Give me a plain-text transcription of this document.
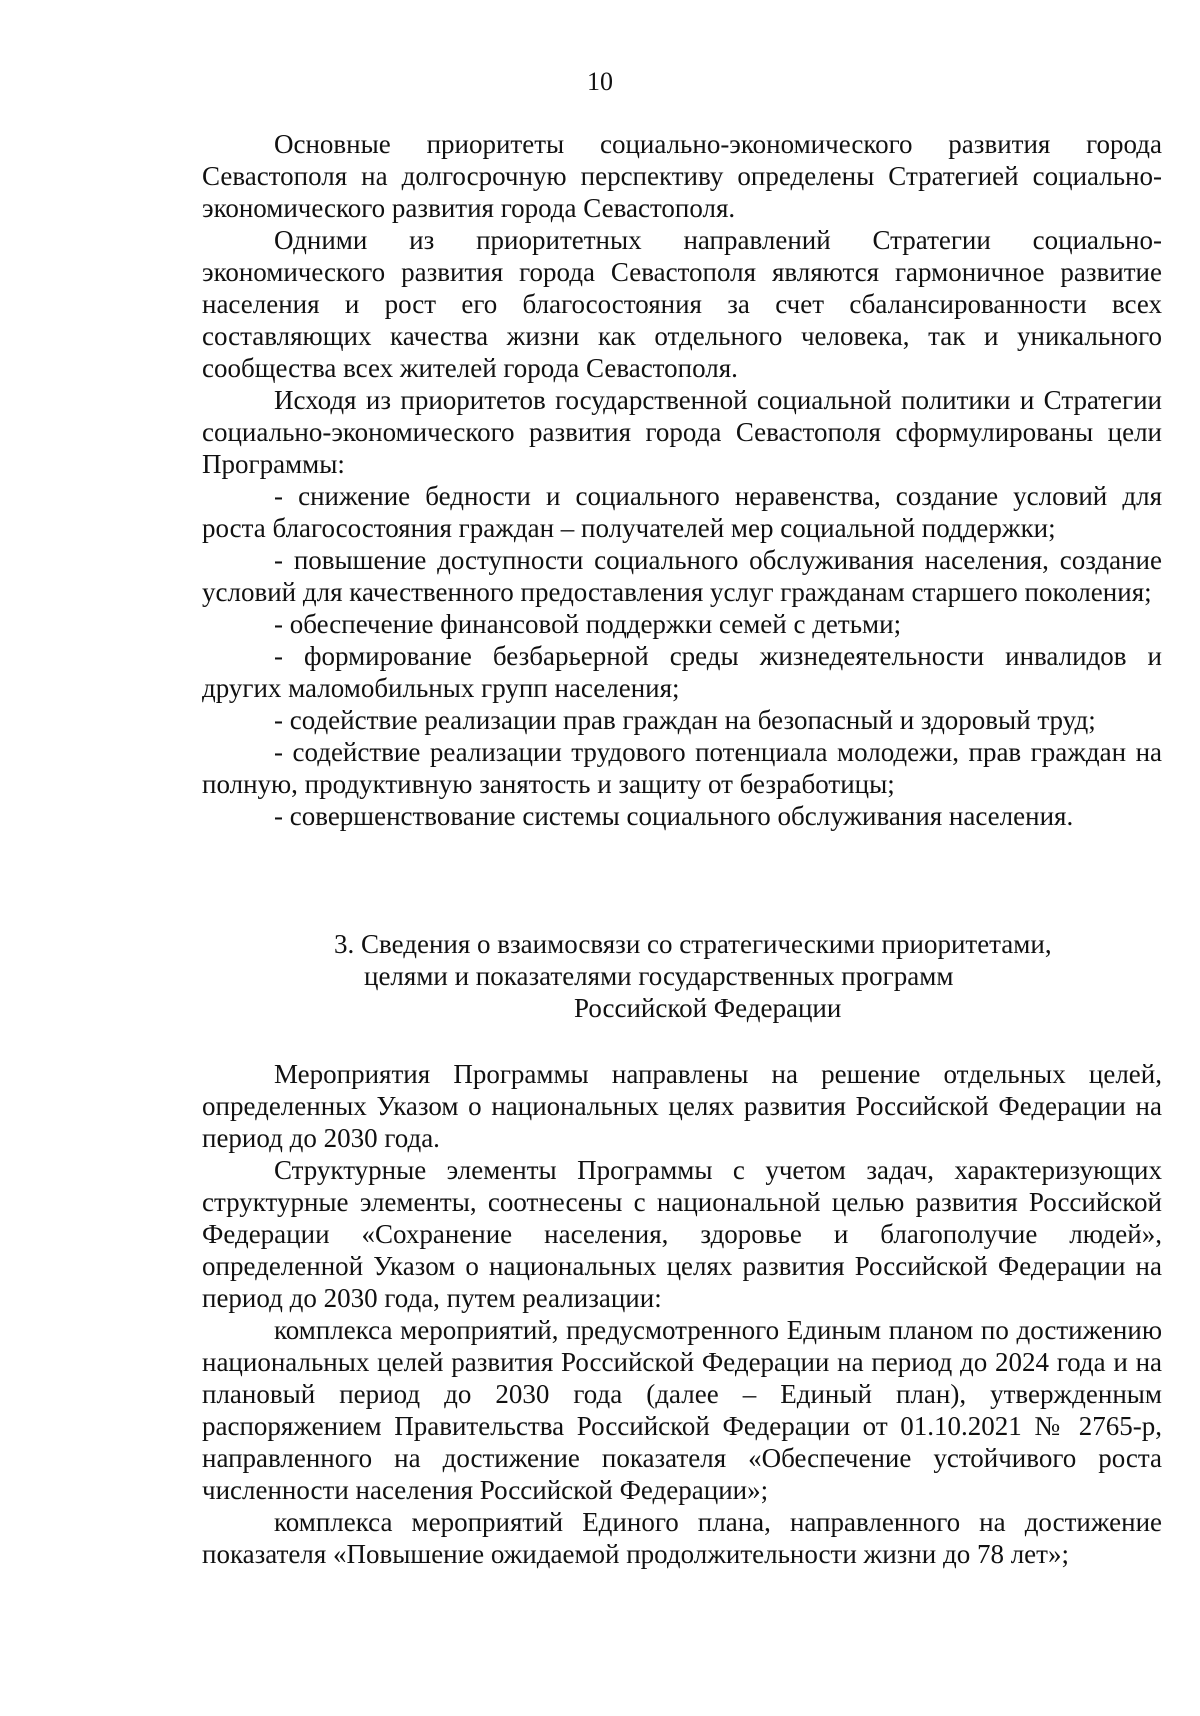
10

Основные приоритеты социально-экономического развития города Севастополя на долгосрочную перспективу определены Стратегией социально-экономического развития города Севастополя.

Одними из приоритетных направлений Стратегии социально-экономического развития города Севастополя являются гармоничное развитие населения и рост его благосостояния за счет сбалансированности всех составляющих качества жизни как отдельного человека, так и уникального сообщества всех жителей города Севастополя.

Исходя из приоритетов государственной социальной политики и Стратегии социально-экономического развития города Севастополя сформулированы цели Программы:

- снижение бедности и социального неравенства, создание условий для роста благосостояния граждан – получателей мер социальной поддержки;

- повышение доступности социального обслуживания населения, создание условий для качественного предоставления услуг гражданам старшего поколения;

- обеспечение финансовой поддержки семей с детьми;

- формирование безбарьерной среды жизнедеятельности инвалидов и других маломобильных групп населения;

- содействие реализации прав граждан на безопасный и здоровый труд;

- содействие реализации трудового потенциала молодежи, прав граждан на полную, продуктивную занятость и защиту от безработицы;

- совершенствование системы социального обслуживания населения.

3. Сведения о взаимосвязи со стратегическими приоритетами,
целями и показателями государственных программ
Российской Федерации

Мероприятия Программы направлены на решение отдельных целей, определенных Указом о национальных целях развития Российской Федерации на период до 2030 года.

Структурные элементы Программы с учетом задач, характеризующих структурные элементы, соотнесены с национальной целью развития Российской Федерации «Сохранение населения, здоровье и благополучие людей», определенной Указом о национальных целях развития Российской Федерации на период до 2030 года, путем реализации:

комплекса мероприятий, предусмотренного Единым планом по достижению национальных целей развития Российской Федерации на период до 2024 года и на плановый период до 2030 года (далее – Единый план), утвержденным распоряжением Правительства Российской Федерации от 01.10.2021 № 2765-р, направленного на достижение показателя «Обеспечение устойчивого роста численности населения Российской Федерации»;

комплекса мероприятий Единого плана, направленного на достижение показателя «Повышение ожидаемой продолжительности жизни до 78 лет»;
